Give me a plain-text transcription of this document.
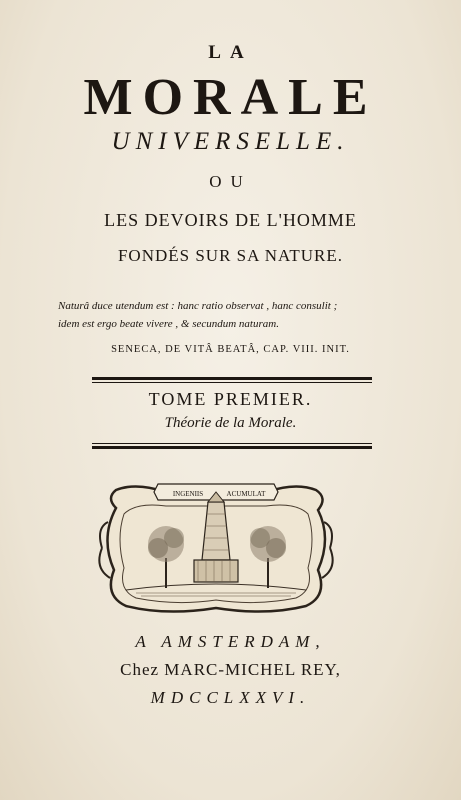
LA
MORALE
UNIVERSELLE.
OU
LES DEVOIRS DE L'HOMME
FONDÉS SUR SA NATURE.
Naturâ duce utendum est : hanc ratio observat , hanc consulit ;
idem est ergo beate vivere , & secundum naturam.
SENECA, DE VITÂ BEATÂ, CAP. VIII. INIT.
TOME PREMIER.
Théorie de la Morale.
INGENIIS	ACUMULAT
A AMSTERDAM,
Chez MARC-MICHEL REY,
MDCCLXXVI.
